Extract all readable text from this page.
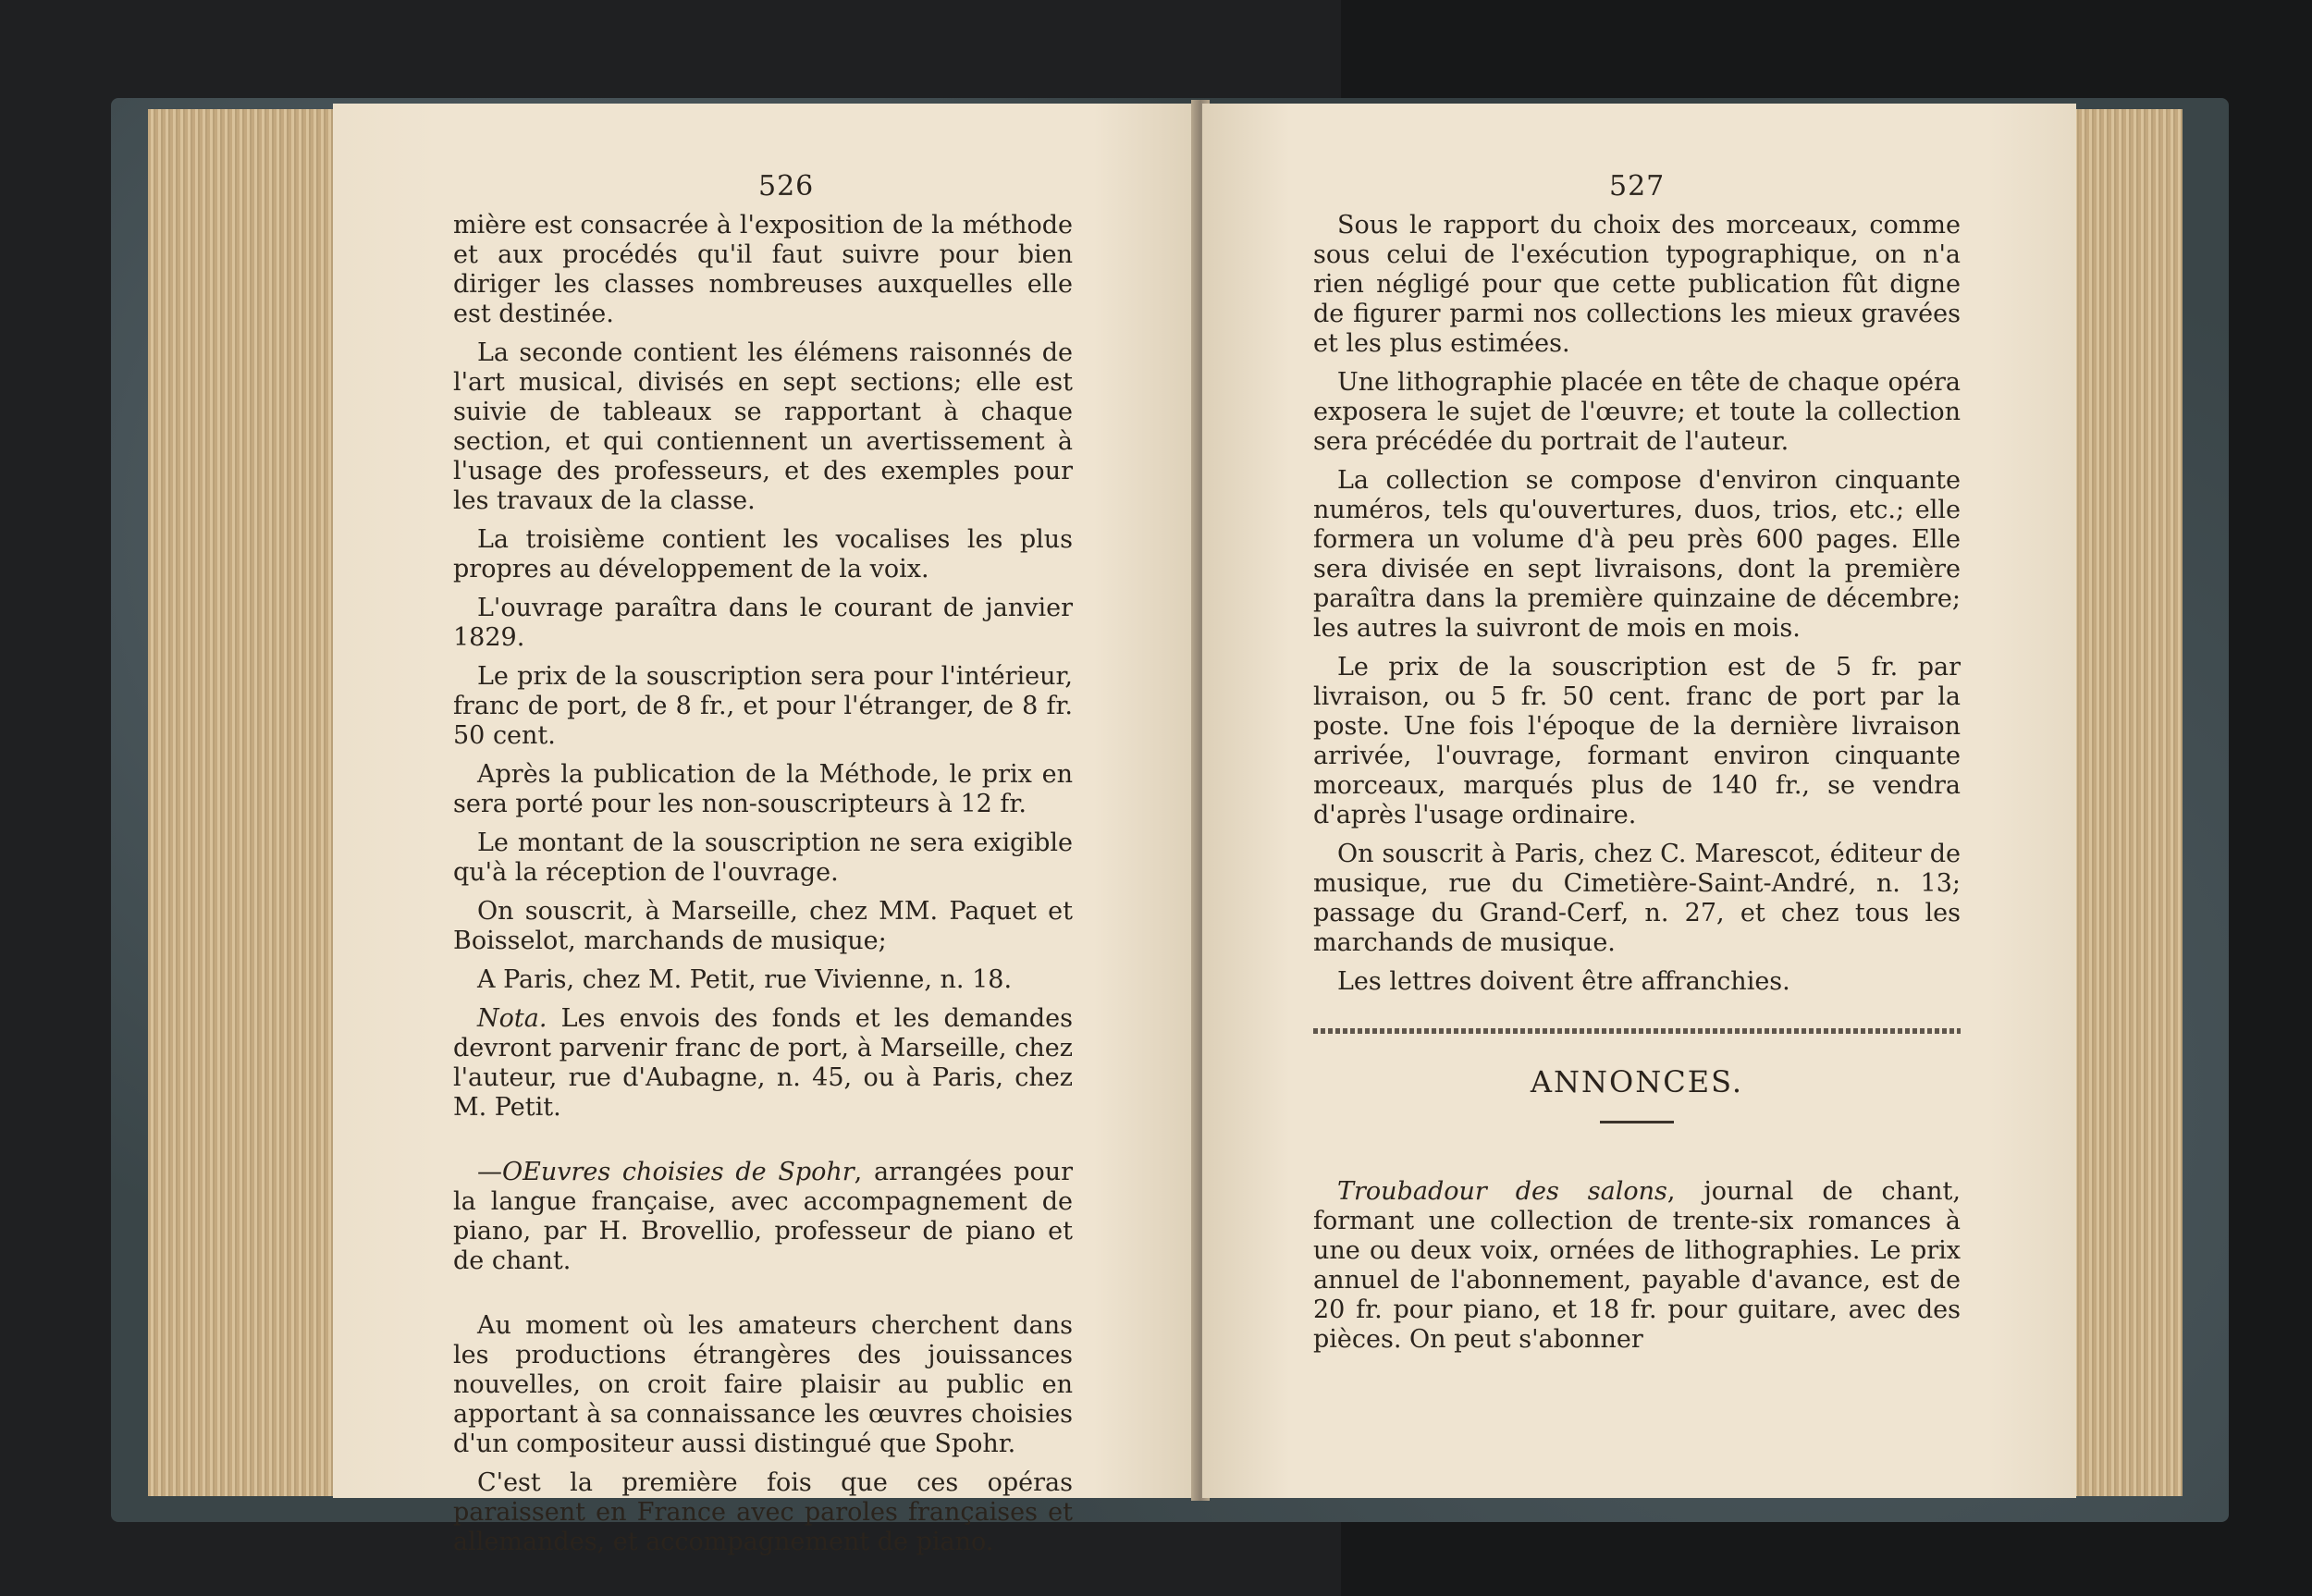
526

mière est consacrée à l'exposition de la méthode et aux procédés qu'il faut suivre pour bien diriger les classes nombreuses auxquelles elle est destinée.

La seconde contient les élémens raisonnés de l'art musical, divisés en sept sections; elle est suivie de tableaux se rapportant à chaque section, et qui contiennent un avertissement à l'usage des professeurs, et des exemples pour les travaux de la classe.

La troisième contient les vocalises les plus propres au développement de la voix.

L'ouvrage paraîtra dans le courant de janvier 1829.

Le prix de la souscription sera pour l'intérieur, franc de port, de 8 fr., et pour l'étranger, de 8 fr. 50 cent.

Après la publication de la Méthode, le prix en sera porté pour les non-souscripteurs à 12 fr.

Le montant de la souscription ne sera exigible qu'à la réception de l'ouvrage.

On souscrit, à Marseille, chez MM. Paquet et Boisselot, marchands de musique;

A Paris, chez M. Petit, rue Vivienne, n. 18.

Nota. Les envois des fonds et les demandes devront parvenir franc de port, à Marseille, chez l'auteur, rue d'Aubagne, n. 45, ou à Paris, chez M. Petit.

—OEuvres choisies de Spohr, arrangées pour la langue française, avec accompagnement de piano, par H. Brovellio, professeur de piano et de chant.

Au moment où les amateurs cherchent dans les productions étrangères des jouissances nouvelles, on croit faire plaisir au public en apportant à sa connaissance les œuvres choisies d'un compositeur aussi distingué que Spohr.

C'est la première fois que ces opéras paraissent en France avec paroles françaises et allemandes, et accompagnement de piano.

527

Sous le rapport du choix des morceaux, comme sous celui de l'exécution typographique, on n'a rien négligé pour que cette publication fût digne de figurer parmi nos collections les mieux gravées et les plus estimées.

Une lithographie placée en tête de chaque opéra exposera le sujet de l'œuvre; et toute la collection sera précédée du portrait de l'auteur.

La collection se compose d'environ cinquante numéros, tels qu'ouvertures, duos, trios, etc.; elle formera un volume d'à peu près 600 pages. Elle sera divisée en sept livraisons, dont la première paraîtra dans la première quinzaine de décembre; les autres la suivront de mois en mois.

Le prix de la souscription est de 5 fr. par livraison, ou 5 fr. 50 cent. franc de port par la poste. Une fois l'époque de la dernière livraison arrivée, l'ouvrage, formant environ cinquante morceaux, marqués plus de 140 fr., se vendra d'après l'usage ordinaire.

On souscrit à Paris, chez C. Marescot, éditeur de musique, rue du Cimetière-Saint-André, n. 13; passage du Grand-Cerf, n. 27, et chez tous les marchands de musique.

Les lettres doivent être affranchies.

ANNONCES.

Troubadour des salons, journal de chant, formant une collection de trente-six romances à une ou deux voix, ornées de lithographies. Le prix annuel de l'abonnement, payable d'avance, est de 20 fr. pour piano, et 18 fr. pour guitare, avec des pièces. On peut s'abonner
